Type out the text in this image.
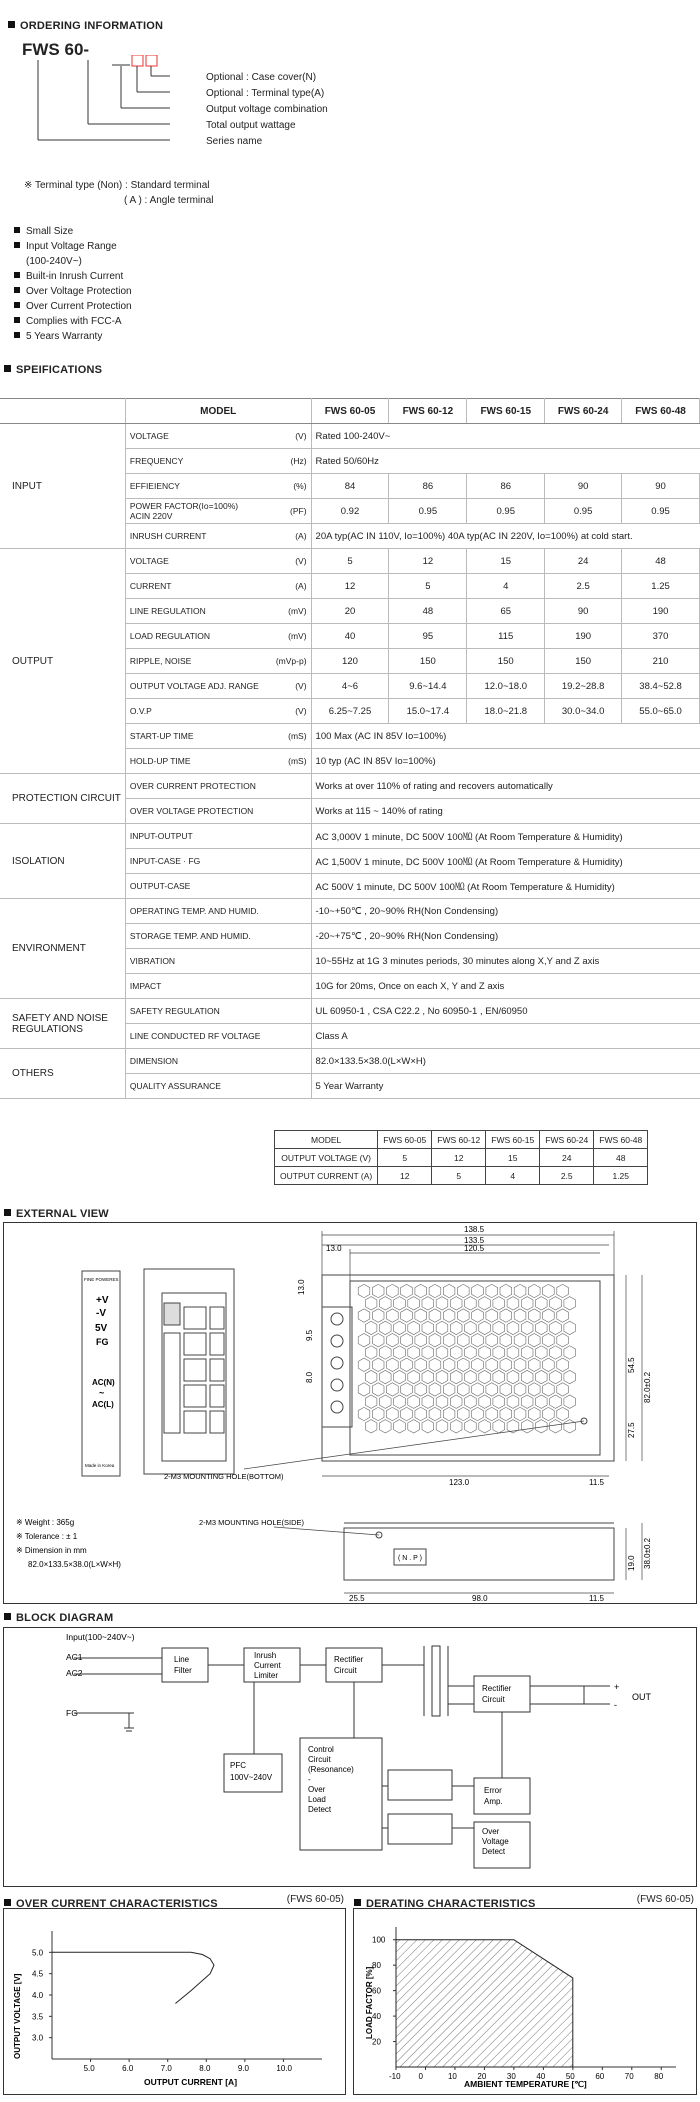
ORDERING INFORMATION
FWS 60-
Optional : Case cover(N)
Optional : Terminal type(A)
Output voltage combination
Total output wattage
Series name
※ Terminal type (Non) : Standard terminal
( A ) : Angle terminal
Small Size
Input Voltage Range
(100-240V~)
Built-in Inrush Current
Over Voltage Protection
Over Current Protection
Complies with FCC-A
5 Years Warranty
SPEIFICATIONS
	MODEL		FWS 60-05	FWS 60-12	FWS 60-15	FWS 60-24	FWS 60-48
INPUT	VOLTAGE	(V)	Rated 100-240V~				
	FREQUENCY	(Hz)	Rated 50/60Hz				
	EFFIEIENCY	(%)	84	86	86	90	90
	POWER FACTOR(Io=100%)
ACIN 220V	(PF)	0.92	0.95	0.95	0.95	0.95
	INRUSH CURRENT	(A)	20A typ(AC IN 110V, Io=100%) 40A typ(AC IN 220V, Io=100%) at cold start.				
OUTPUT	VOLTAGE	(V)	5	12	15	24	48
	CURRENT	(A)	12	5	4	2.5	1.25
	LINE REGULATION	(mV)	20	48	65	90	190
	LOAD REGULATION	(mV)	40	95	115	190	370
	RIPPLE, NOISE	(mVp-p)	120	150	150	150	210
	OUTPUT VOLTAGE ADJ. RANGE	(V)	4~6	9.6~14.4	12.0~18.0	19.2~28.8	38.4~52.8
	O.V.P	(V)	6.25~7.25	15.0~17.4	18.0~21.8	30.0~34.0	55.0~65.0
	START-UP TIME	(mS)	100 Max (AC IN 85V Io=100%)				
	HOLD-UP TIME	(mS)	10 typ (AC IN 85V Io=100%)				
PROTECTION CIRCUIT	OVER CURRENT PROTECTION		Works at over 110% of rating and recovers automatically				
	OVER VOLTAGE PROTECTION		Works at 115 ~ 140% of rating				
ISOLATION	INPUT-OUTPUT		AC 3,000V 1 minute, DC 500V 100㏁ (At Room Temperature & Humidity)				
	INPUT-CASE · FG		AC 1,500V 1 minute, DC 500V 100㏁ (At Room Temperature & Humidity)				
	OUTPUT-CASE		AC 500V 1 minute, DC 500V 100㏁ (At Room Temperature & Humidity)				
ENVIRONMENT	OPERATING TEMP. AND HUMID.		-10~+50℃ , 20~90% RH(Non Condensing)				
	STORAGE TEMP. AND HUMID.		-20~+75℃ , 20~90% RH(Non Condensing)				
	VIBRATION		10~55Hz at 1G 3 minutes periods, 30 minutes along X,Y and Z axis				
	IMPACT		10G for 20ms, Once on each X, Y and Z axis				
SAFETY AND NOISE
REGULATIONS	SAFETY REGULATION		UL 60950-1 , CSA C22.2 , No 60950-1 , EN/60950				
	LINE CONDUCTED RF VOLTAGE		Class A				
OTHERS	DIMENSION		82.0×133.5×38.0(L×W×H)				
	QUALITY ASSURANCE		5 Year Warranty				
MODEL	FWS 60-05	FWS 60-12	FWS 60-15	FWS 60-24	FWS 60-48
OUTPUT VOLTAGE (V)	5	12	15	24	48
OUTPUT CURRENT (A)	12	5	4	2.5	1.25
EXTERNAL VIEW
FINE POWERES
+V
-V
5V
FG
AC(N)
~
AC(L)
Made in Korea
138.5
133.5
120.5
13.0
13.0
54.5
82.0±0.2
9.5
8.0
27.5
123.0	11.5
2-M3 MOUNTING HOLE(BOTTOM)
( N . P )
2-M3 MOUNTING HOLE(SIDE)
25.5	98.0	11.5
19.0 38.0±0.2
※ Weight : 365g
※ Tolerance : ± 1
※ Dimension in mm
82.0×133.5×38.0(L×W×H)
BLOCK DIAGRAM
Input(100~240V~)
AC1
AC2
FG
Line
Filter
Inrush
Current
Limiter
Rectifier
Circuit
Rectifier
Circuit
PFC
100V~240V
Control
Circuit
(Resonance)
-
Over
Load
Detect
Error
Amp.
Over
Voltage
Detect
+
-
OUT
OVER CURRENT CHARACTERISTICS	(FWS 60-05)
5.0	6.0	7.0	8.0	9.0	10.0
5.0
4.5
4.0
3.5
3.0
OUTPUT CURRENT [A]
OUTPUT VOLTAGE [V]
DERATING CHARACTERISTICS	(FWS 60-05)
-10 0	10	20	30	40	50	60	70	80
100
80
60
40
20
AMBIENT TEMPERATURE [℃]
LOAD FACTOR [%]
